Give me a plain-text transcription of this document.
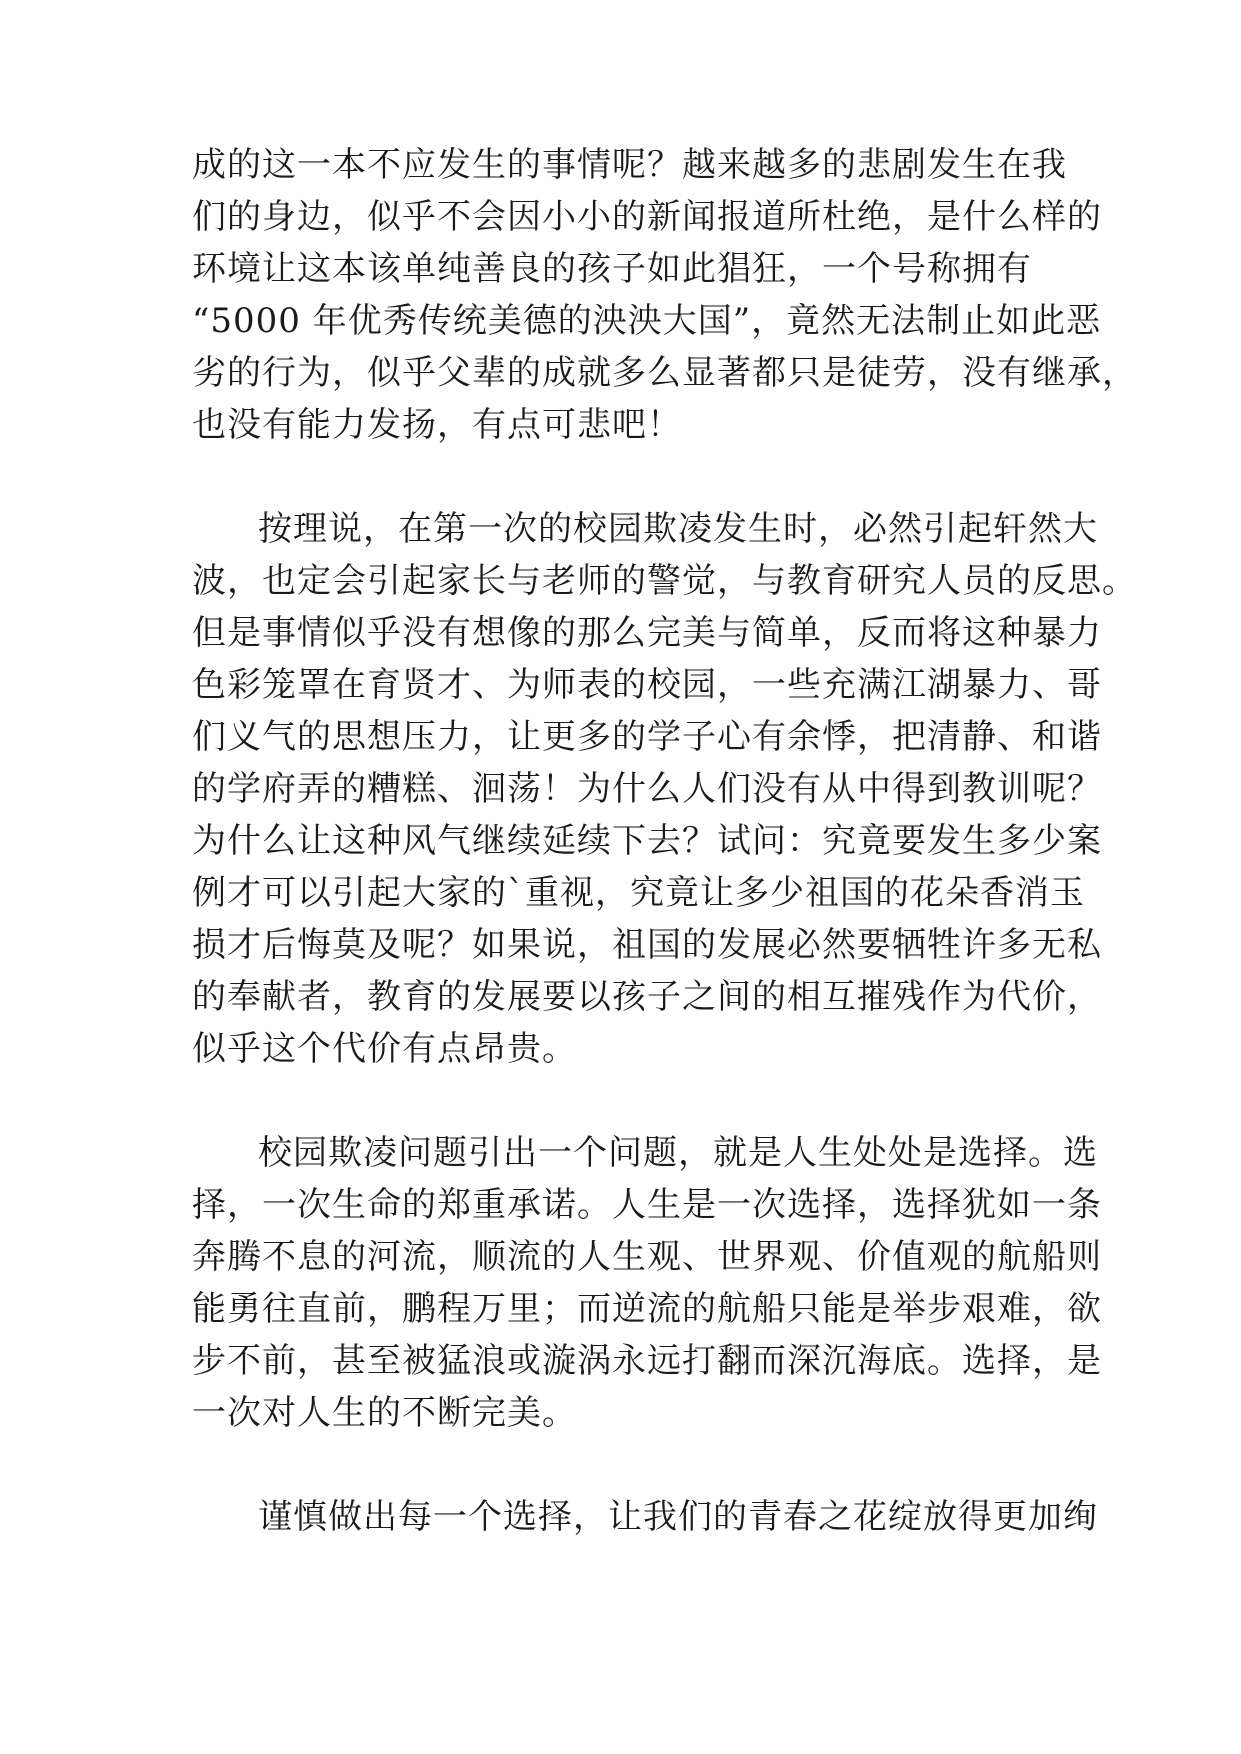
成的这一本不应发生的事情呢？越来越多的悲剧发生在我
们的身边，似乎不会因小小的新闻报道所杜绝，是什么样的
环境让这本该单纯善良的孩子如此猖狂，一个号称拥有
“5000 年优秀传统美德的泱泱大国”，竟然无法制止如此恶
劣的行为，似乎父辈的成就多么显著都只是徒劳，没有继承，
也没有能力发扬，有点可悲吧！
按理说，在第一次的校园欺凌发生时，必然引起轩然大
波，也定会引起家长与老师的警觉，与教育研究人员的反思。
但是事情似乎没有想像的那么完美与简单，反而将这种暴力
色彩笼罩在育贤才、为师表的校园，一些充满江湖暴力、哥
们义气的思想压力，让更多的学子心有余悸，把清静、和谐
的学府弄的糟糕、洄荡！为什么人们没有从中得到教训呢？
为什么让这种风气继续延续下去？试问：究竟要发生多少案
例才可以引起大家的`重视，究竟让多少祖国的花朵香消玉
损才后悔莫及呢？如果说，祖国的发展必然要牺牲许多无私
的奉献者，教育的发展要以孩子之间的相互摧残作为代价，
似乎这个代价有点昂贵。
校园欺凌问题引出一个问题，就是人生处处是选择。选
择，一次生命的郑重承诺。人生是一次选择，选择犹如一条
奔腾不息的河流，顺流的人生观、世界观、价值观的航船则
能勇往直前，鹏程万里；而逆流的航船只能是举步艰难，欲
步不前，甚至被猛浪或漩涡永远打翻而深沉海底。选择，是
一次对人生的不断完美。
谨慎做出每一个选择，让我们的青春之花绽放得更加绚
